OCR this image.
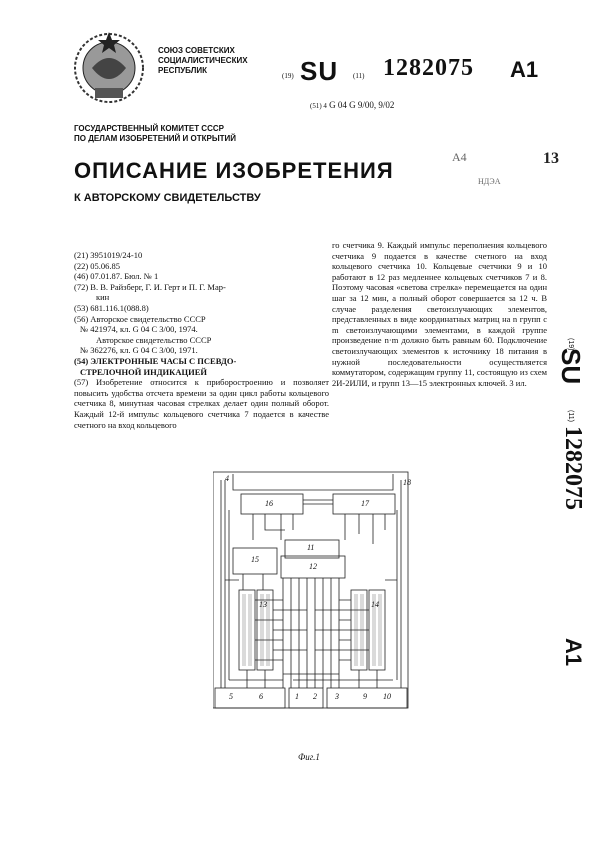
СОЮЗ СОВЕТСКИХ
СОЦИАЛИСТИЧЕСКИХ
РЕСПУБЛИК
(19) SU (11) 1282075 A1
(51) 4 G 04 G 9/00, 9/02
ГОСУДАРСТВЕННЫЙ КОМИТЕТ СССР
ПО ДЕЛАМ ИЗОБРЕТЕНИЙ И ОТКРЫТИЙ
ОПИСАНИЕ ИЗОБРЕТЕНИЯ
К АВТОРСКОМУ СВИДЕТЕЛЬСТВУ
А4	13
НДЭА
(21) 3951019/24-10
(22) 05.06.85
(46) 07.01.87. Бюл. № 1
(72) В. В. Райзберг, Г. И. Герт и П. Г. Мар-
кин
(53) 681.116.1(088.8)
(56) Авторское свидетельство СССР
№ 421974, кл. G 04 C 3/00, 1974.
Авторское свидетельство СССР
№ 362276, кл. G 04 C 3/00, 1971.
(54) ЭЛЕКТРОННЫЕ ЧАСЫ С ПСЕВДО-
СТРЕЛОЧНОЙ ИНДИКАЦИЕЙ
(57) Изобретение относится к приборостроению и позволяет повысить удобства отсчета времени за один цикл работы кольцевого счетчика 8, минутная часовая стрелках делает один полный оборот. Каждый 12-й импульс кольцевого счетчика 7 подается в качестве счетного на вход кольцевого
го счетчика 9. Каждый импульс переполнения кольцевого счетчика 9 подается в качестве счетного на вход кольцевого счетчика 10. Кольцевые счетчики 9 и 10 работают в 12 раз медленнее кольцевых счетчиков 7 и 8. Поэтому часовая «светова стрелка» перемещается на один шаг за 12 мин, а полный оборот совершается за 12 ч. В случае разделения светоизлучающих элементов, представленных в виде координатных матриц на n групп с m светоизлучающими элементами, в каждой группе произведение n·m должно быть равным 60. Подключение светоизлучающих элементов к источнику 18 питания в нужной последовательности осуществляется коммутатором, содержащим группу 11, состоящую из схем 2И-2ИЛИ, и групп 13—15 электронных ключей. 3 ил.
(19)
SU
(11)
1282075
A1
4
16	17
11
12
15
13	14
5	6	1 2 3	10
9
18
Фиг.1
